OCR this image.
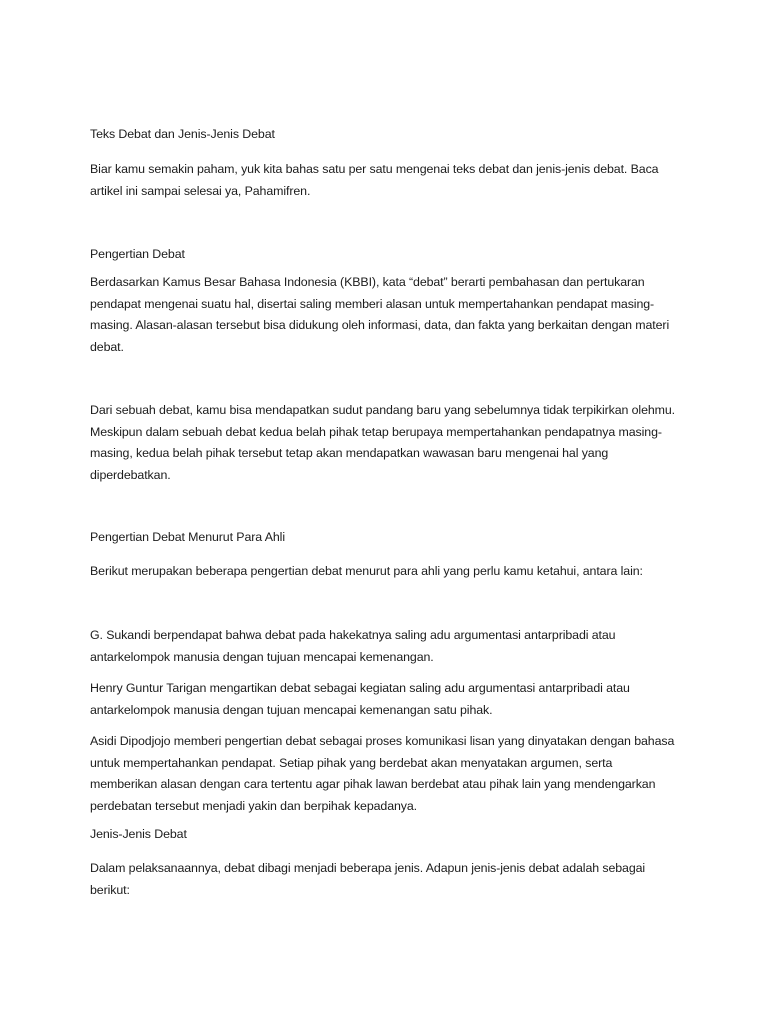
Teks Debat dan Jenis-Jenis Debat

Biar kamu semakin paham, yuk kita bahas satu per satu mengenai teks debat dan jenis-jenis debat. Baca artikel ini sampai selesai ya, Pahamifren.

Pengertian Debat

Berdasarkan Kamus Besar Bahasa Indonesia (KBBI), kata “debat” berarti pembahasan dan pertukaran pendapat mengenai suatu hal, disertai saling memberi alasan untuk mempertahankan pendapat masing-masing. Alasan-alasan tersebut bisa didukung oleh informasi, data, dan fakta yang berkaitan dengan materi debat.

Dari sebuah debat, kamu bisa mendapatkan sudut pandang baru yang sebelumnya tidak terpikirkan olehmu. Meskipun dalam sebuah debat kedua belah pihak tetap berupaya mempertahankan pendapatnya masing-masing, kedua belah pihak tersebut tetap akan mendapatkan wawasan baru mengenai hal yang diperdebatkan.

Pengertian Debat Menurut Para Ahli

Berikut merupakan beberapa pengertian debat menurut para ahli yang perlu kamu ketahui, antara lain:

G. Sukandi berpendapat bahwa debat pada hakekatnya saling adu argumentasi antarpribadi atau antarkelompok manusia dengan tujuan mencapai kemenangan.

Henry Guntur Tarigan mengartikan debat sebagai kegiatan saling adu argumentasi antarpribadi atau antarkelompok manusia dengan tujuan mencapai kemenangan satu pihak.

Asidi Dipodjojo memberi pengertian debat sebagai proses komunikasi lisan yang dinyatakan dengan bahasa untuk mempertahankan pendapat. Setiap pihak yang berdebat akan menyatakan argumen, serta memberikan alasan dengan cara tertentu agar pihak lawan berdebat atau pihak lain yang mendengarkan perdebatan tersebut menjadi yakin dan berpihak kepadanya.

Jenis-Jenis Debat

Dalam pelaksanaannya, debat dibagi menjadi beberapa jenis. Adapun jenis-jenis debat adalah sebagai berikut:
